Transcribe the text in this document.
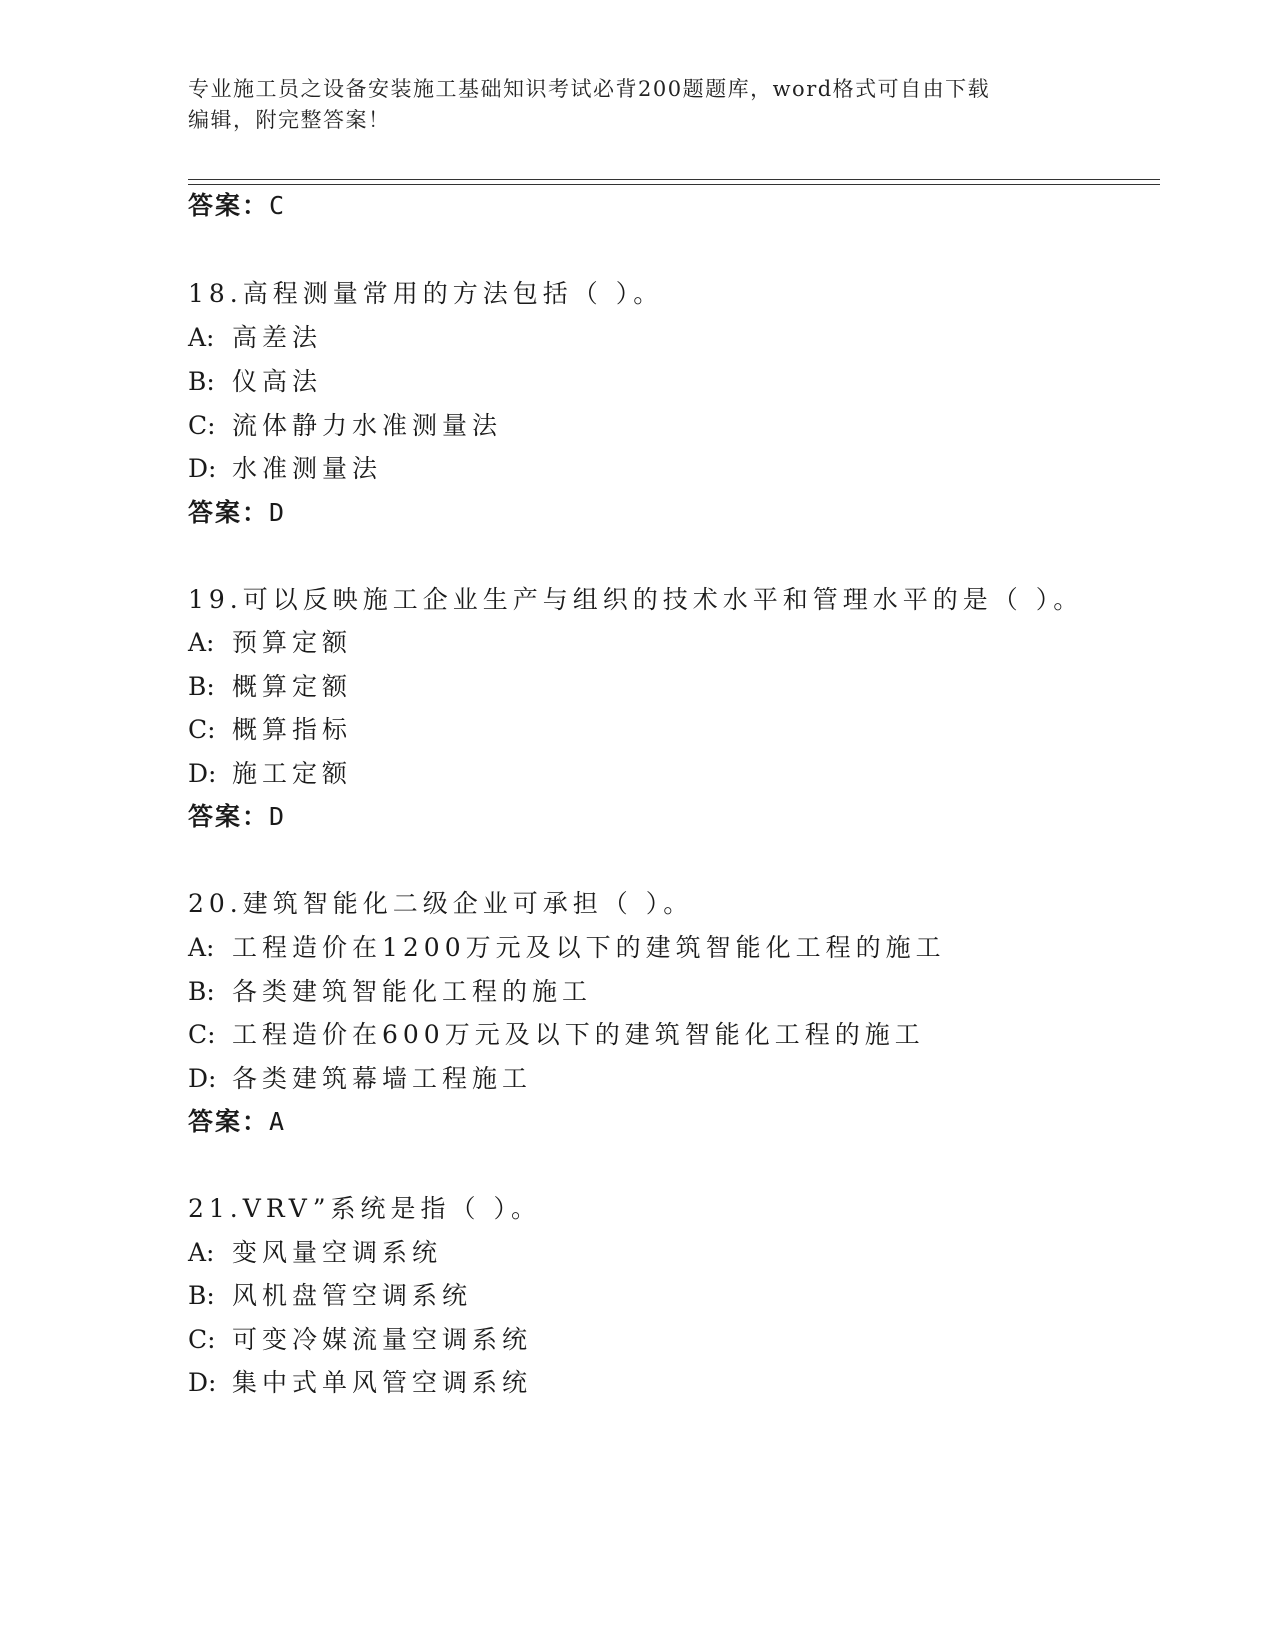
专业施工员之设备安装施工基础知识考试必背200题题库，word格式可自由下载
编辑，附完整答案！
答案：C
18.高程测量常用的方法包括（ ）。
A: 高差法
B: 仪高法
C: 流体静力水准测量法
D: 水准测量法
答案：D
19.可以反映施工企业生产与组织的技术水平和管理水平的是（ ）。
A: 预算定额
B: 概算定额
C: 概算指标
D: 施工定额
答案：D
20.建筑智能化二级企业可承担（ ）。
A: 工程造价在1200万元及以下的建筑智能化工程的施工
B: 各类建筑智能化工程的施工
C: 工程造价在600万元及以下的建筑智能化工程的施工
D: 各类建筑幕墙工程施工
答案：A
21.VRV”系统是指（ ）。
A: 变风量空调系统
B: 风机盘管空调系统
C: 可变冷媒流量空调系统
D: 集中式单风管空调系统
